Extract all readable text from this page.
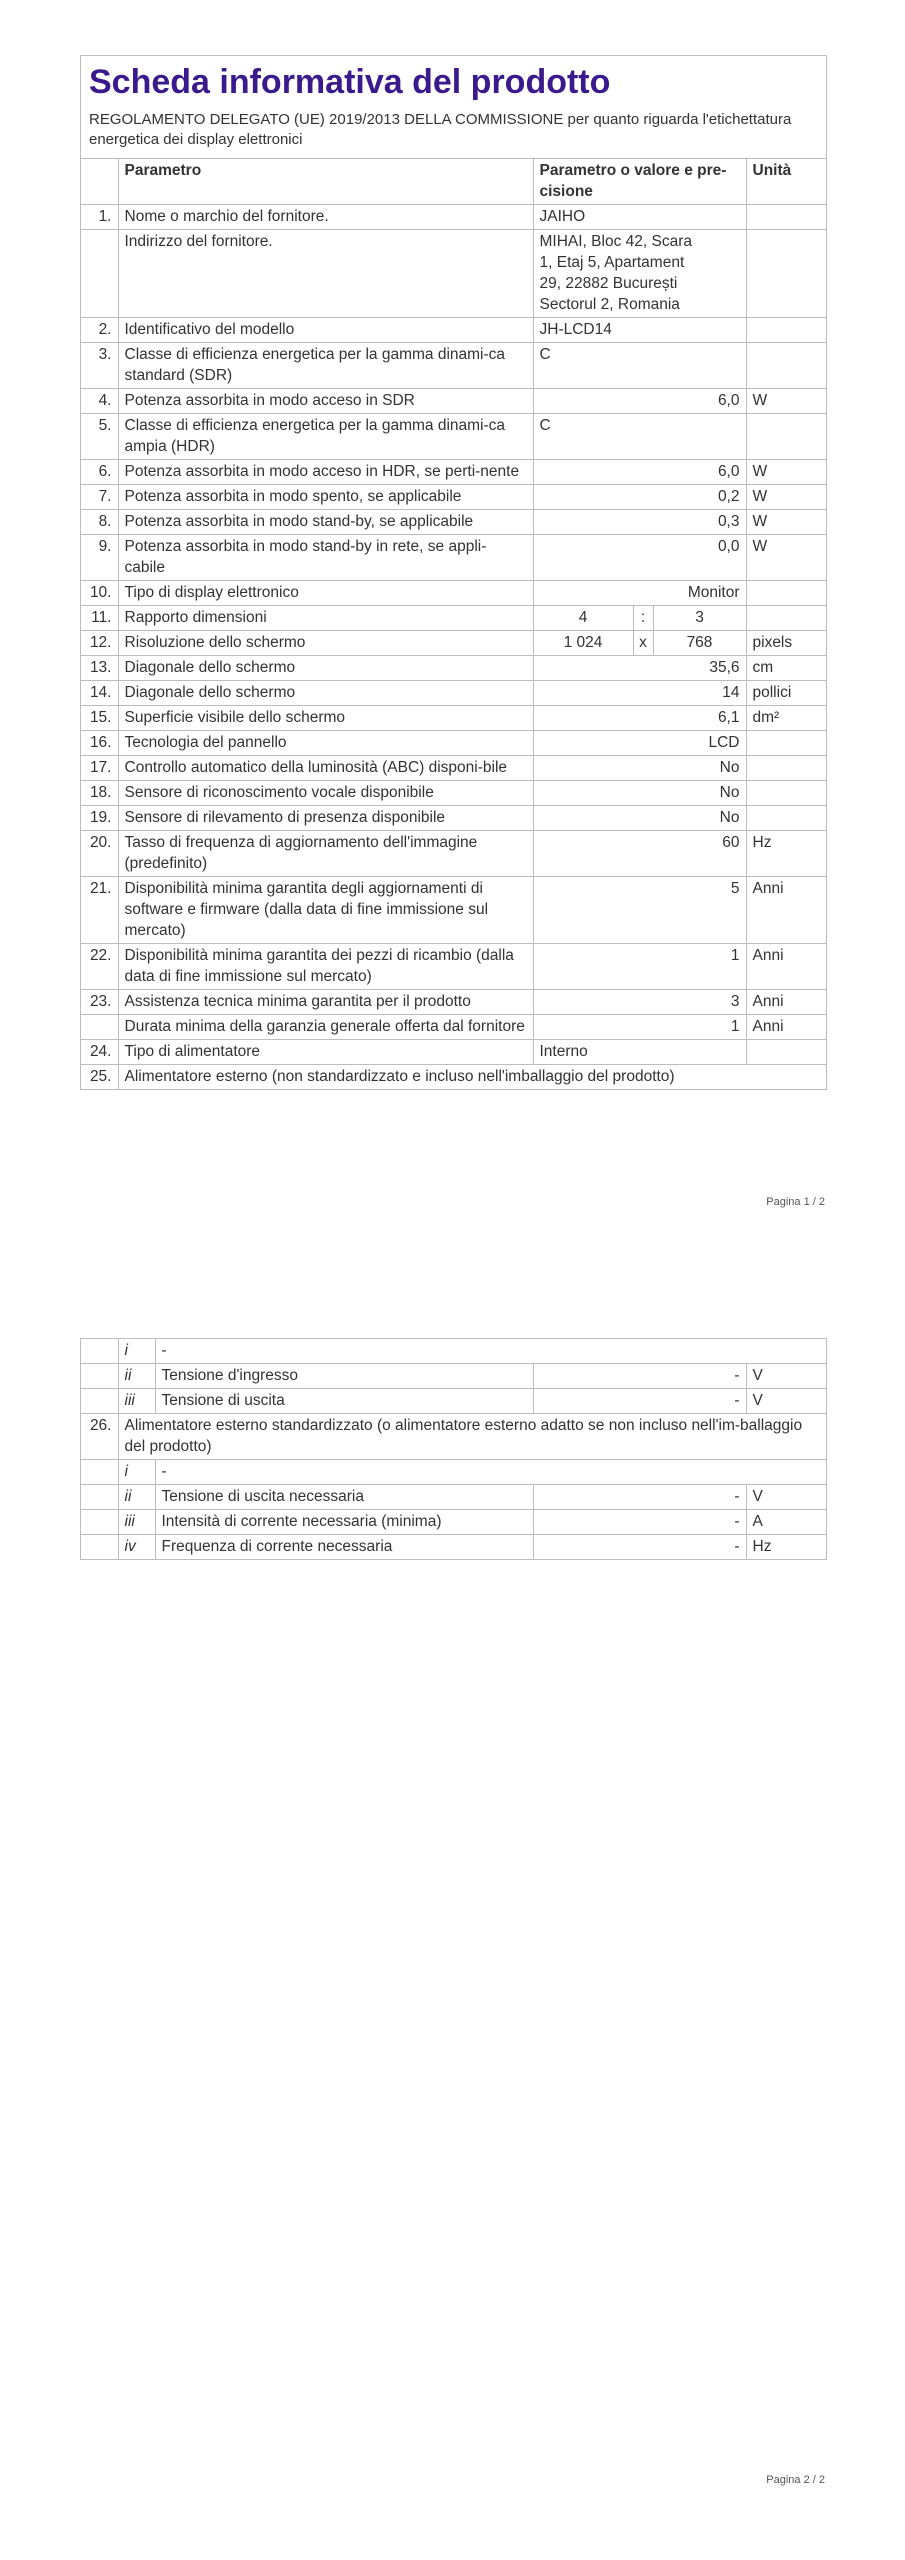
Scheda informativa del prodotto
REGOLAMENTO DELEGATO (UE) 2019/2013 DELLA COMMISSIONE per quanto riguarda l'etichettatura energetica dei display elettronici
	Parametro	Parametro o valore e pre-cisione			Unità
1.	Nome o marchio del fornitore.	JAIHO			
	Indirizzo del fornitore.	MIHAI, Bloc 42, Scara 1, Etaj 5, Apartament 29, 22882 București Sectorul 2, Romania			
2.	Identificativo del modello	JH-LCD14			
3.	Classe di efficienza energetica per la gamma dinami-ca standard (SDR)	C			
4.	Potenza assorbita in modo acceso in SDR	6,0			W
5.	Classe di efficienza energetica per la gamma dinami-ca ampia (HDR)	C			
6.	Potenza assorbita in modo acceso in HDR, se perti-nente	6,0			W
7.	Potenza assorbita in modo spento, se applicabile	0,2			W
8.	Potenza assorbita in modo stand-by, se applicabile	0,3			W
9.	Potenza assorbita in modo stand-by in rete, se appli-cabile	0,0			W
10.	Tipo di display elettronico	Monitor			
11.	Rapporto dimensioni	4	:	3	
12.	Risoluzione dello schermo	1 024	x	768	pixels
13.	Diagonale dello schermo	35,6			cm
14.	Diagonale dello schermo	14			pollici
15.	Superficie visibile dello schermo	6,1			dm²
16.	Tecnologia del pannello	LCD			
17.	Controllo automatico della luminosità (ABC) disponi-bile	No			
18.	Sensore di riconoscimento vocale disponibile	No			
19.	Sensore di rilevamento di presenza disponibile	No			
20.	Tasso di frequenza di aggiornamento dell'immagine (predefinito)	60			Hz
21.	Disponibilità minima garantita degli aggiornamenti di software e firmware (dalla data di fine immissione sul mercato)	5			Anni
22.	Disponibilità minima garantita dei pezzi di ricambio (dalla data di fine immissione sul mercato)	1			Anni
23.	Assistenza tecnica minima garantita per il prodotto	3			Anni
	Durata minima della garanzia generale offerta dal fornitore	1			Anni
24.	Tipo di alimentatore	Interno			
25.	Alimentatore esterno (non standardizzato e incluso nell'imballaggio del prodotto)				
Pagina 1 / 2
	i	-		
	ii	Tensione d'ingresso	-	V
	iii	Tensione di uscita	-	V
26.	Alimentatore esterno standardizzato (o alimentatore esterno adatto se non incluso nell'im-ballaggio del prodotto)			
	i	-		
	ii	Tensione di uscita necessaria	-	V
	iii	Intensità di corrente necessaria (minima)	-	A
	iv	Frequenza di corrente necessaria	-	Hz
Pagina 2 / 2
